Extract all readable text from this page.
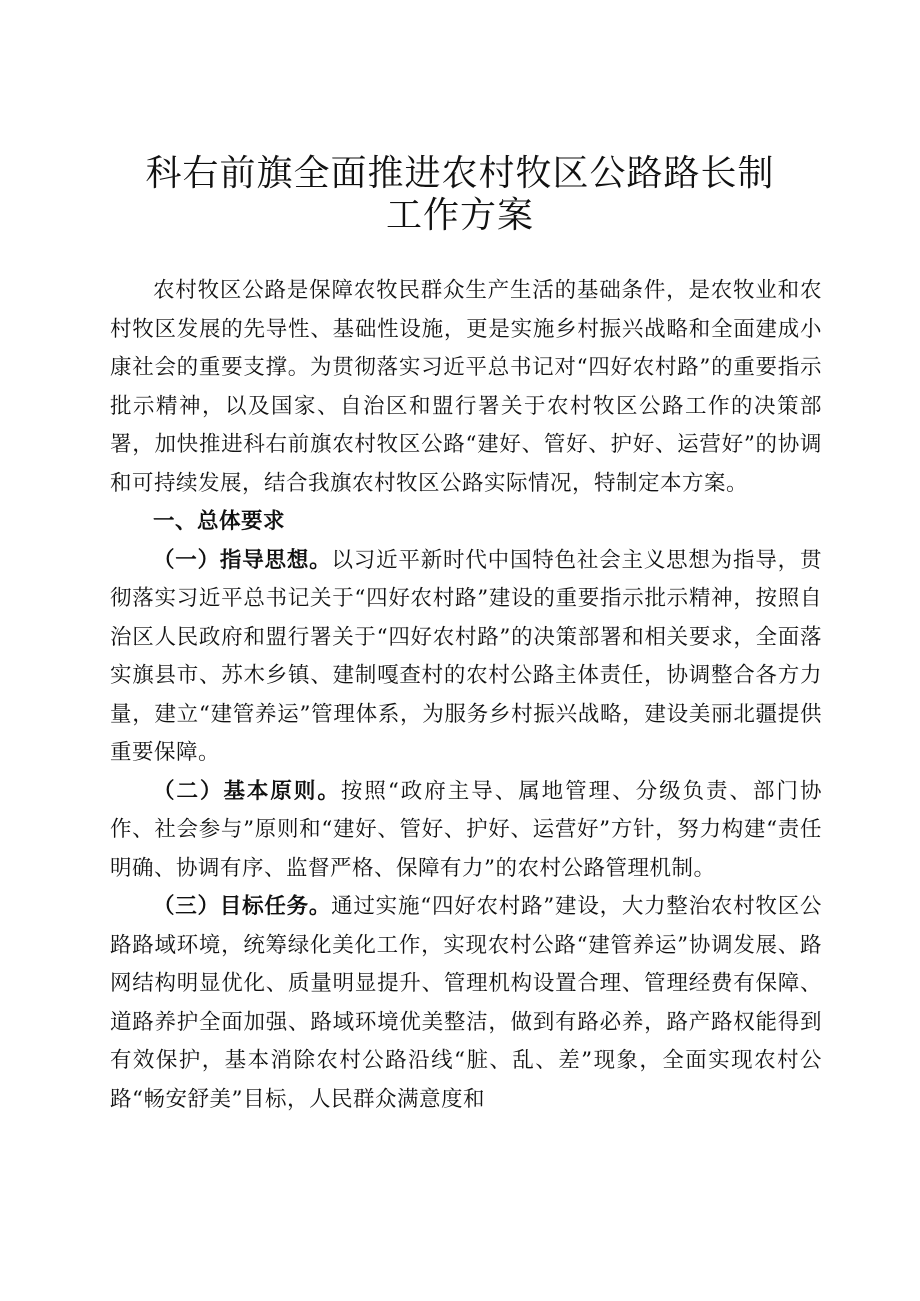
科右前旗全面推进农村牧区公路路长制
工作方案

农村牧区公路是保障农牧民群众生产生活的基础条件，是农牧业和农村牧区发展的先导性、基础性设施，更是实施乡村振兴战略和全面建成小康社会的重要支撑。为贯彻落实习近平总书记对“四好农村路”的重要指示批示精神，以及国家、自治区和盟行署关于农村牧区公路工作的决策部署，加快推进科右前旗农村牧区公路“建好、管好、护好、运营好”的协调和可持续发展，结合我旗农村牧区公路实际情况，特制定本方案。

一、总体要求

（一）指导思想。以习近平新时代中国特色社会主义思想为指导，贯彻落实习近平总书记关于“四好农村路”建设的重要指示批示精神，按照自治区人民政府和盟行署关于“四好农村路”的决策部署和相关要求，全面落实旗县市、苏木乡镇、建制嘎查村的农村公路主体责任，协调整合各方力量，建立“建管养运”管理体系，为服务乡村振兴战略，建设美丽北疆提供重要保障。

（二）基本原则。按照“政府主导、属地管理、分级负责、部门协作、社会参与”原则和“建好、管好、护好、运营好”方针，努力构建“责任明确、协调有序、监督严格、保障有力”的农村公路管理机制。

（三）目标任务。通过实施“四好农村路”建设，大力整治农村牧区公路路域环境，统筹绿化美化工作，实现农村公路“建管养运”协调发展、路网结构明显优化、质量明显提升、管理机构设置合理、管理经费有保障、道路养护全面加强、路域环境优美整洁，做到有路必养，路产路权能得到有效保护，基本消除农村公路沿线“脏、乱、差”现象，全面实现农村公路“畅安舒美”目标，人民群众满意度和
